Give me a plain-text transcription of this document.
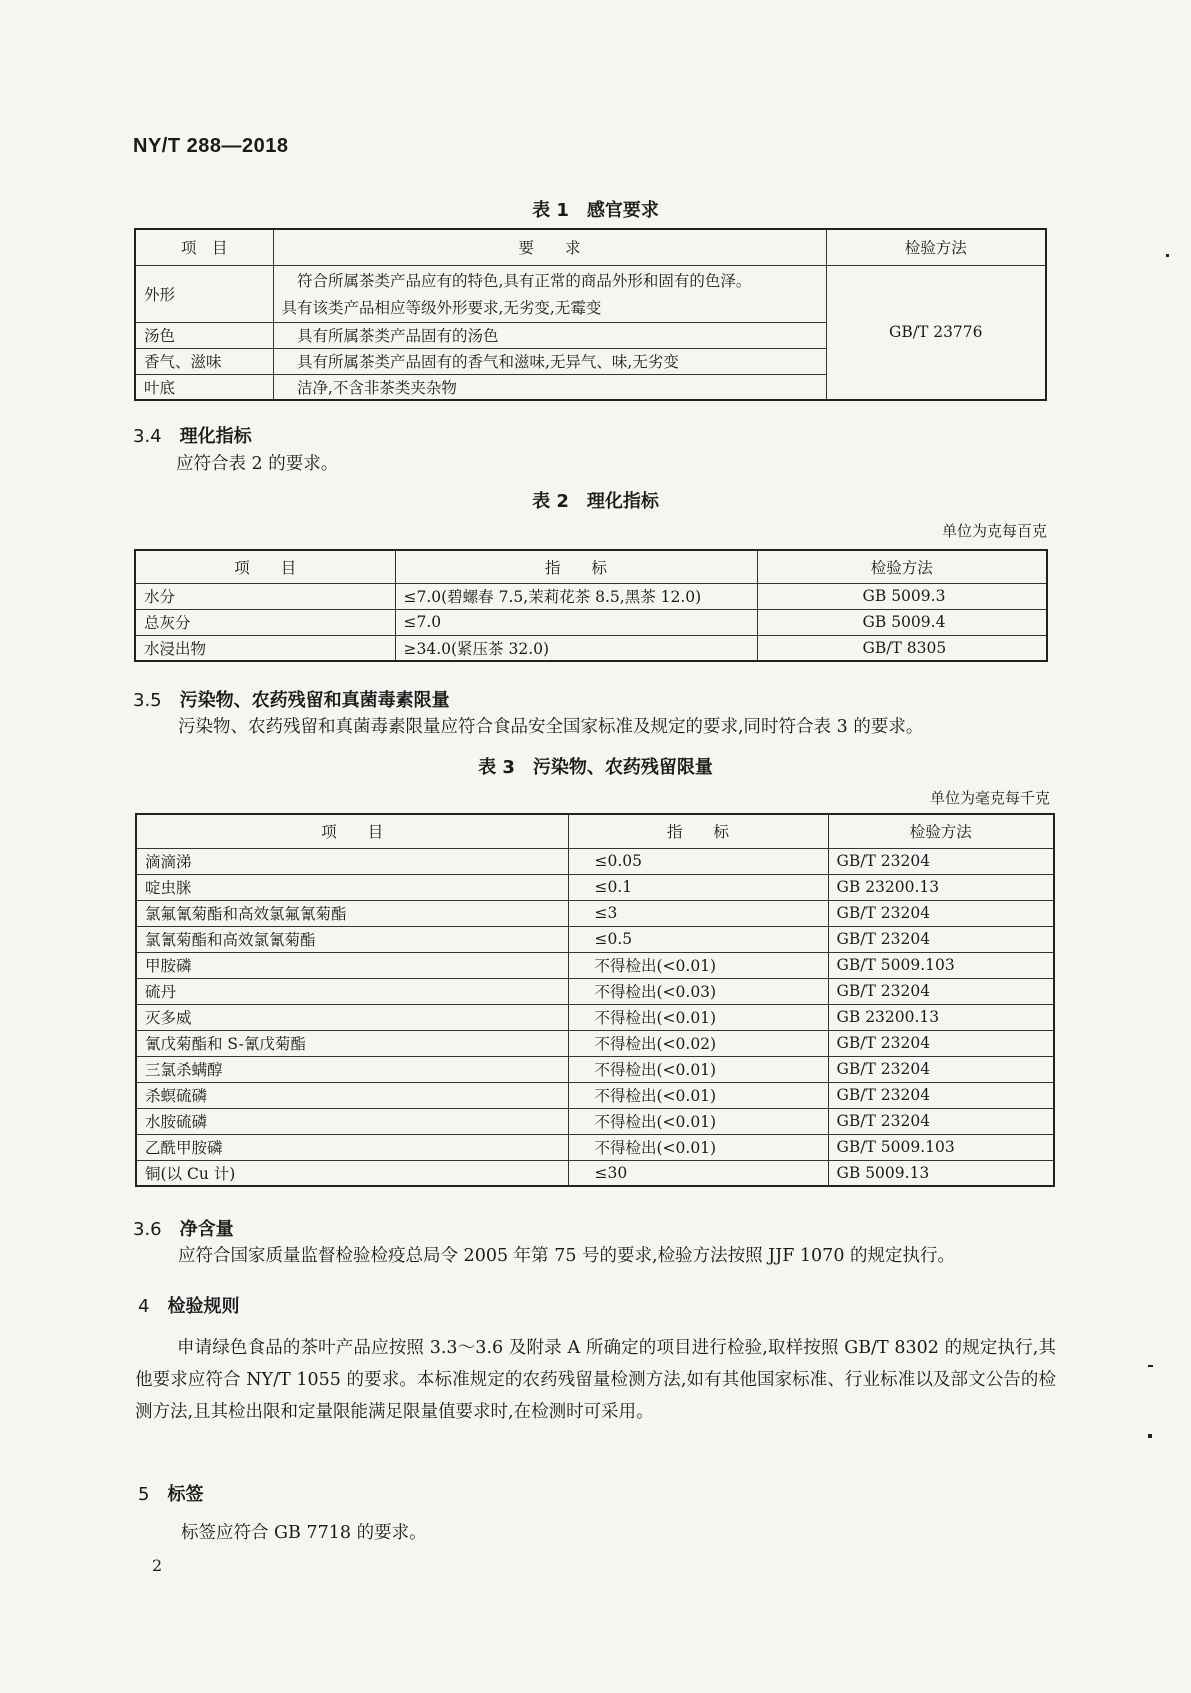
NY/T 288—2018
表 1　感官要求
项　目	要　　求	检验方法
外形	　符合所属茶类产品应有的特色,具有正常的商品外形和固有的色泽。
具有该类产品相应等级外形要求,无劣变,无霉变	GB/T 23776
汤色	　具有所属茶类产品固有的汤色	
香气、滋味	　具有所属茶类产品固有的香气和滋味,无异气、味,无劣变	
叶底	　洁净,不含非茶类夹杂物	
3.4 理化指标
应符合表 2 的要求。
表 2　理化指标
单位为克每百克
项　　目	指　　标	检验方法
水分	≤7.0(碧螺春 7.5,茉莉花茶 8.5,黑茶 12.0)	GB 5009.3
总灰分	≤7.0	GB 5009.4
水浸出物	≥34.0(紧压茶 32.0)	GB/T 8305
3.5 污染物、农药残留和真菌毒素限量
污染物、农药残留和真菌毒素限量应符合食品安全国家标准及规定的要求,同时符合表 3 的要求。
表 3　污染物、农药残留限量
单位为毫克每千克
项　　目	指　　标	检验方法
滴滴涕	≤0.05	GB/T 23204
啶虫脒	≤0.1	GB 23200.13
氯氟氰菊酯和高效氯氟氰菊酯	≤3	GB/T 23204
氯氰菊酯和高效氯氰菊酯	≤0.5	GB/T 23204
甲胺磷	不得检出(<0.01)	GB/T 5009.103
硫丹	不得检出(<0.03)	GB/T 23204
灭多威	不得检出(<0.01)	GB 23200.13
氰戊菊酯和 S-氰戊菊酯	不得检出(<0.02)	GB/T 23204
三氯杀螨醇	不得检出(<0.01)	GB/T 23204
杀螟硫磷	不得检出(<0.01)	GB/T 23204
水胺硫磷	不得检出(<0.01)	GB/T 23204
乙酰甲胺磷	不得检出(<0.01)	GB/T 5009.103
铜(以 Cu 计)	≤30	GB 5009.13
3.6 净含量
应符合国家质量监督检验检疫总局令 2005 年第 75 号的要求,检验方法按照 JJF 1070 的规定执行。
4 检验规则
申请绿色食品的茶叶产品应按照 3.3～3.6 及附录 A 所确定的项目进行检验,取样按照 GB/T 8302 的规定执行,其他要求应符合 NY/T 1055 的要求。本标准规定的农药残留量检测方法,如有其他国家标准、行业标准以及部文公告的检测方法,且其检出限和定量限能满足限量值要求时,在检测时可采用。
5 标签
标签应符合 GB 7718 的要求。
2
